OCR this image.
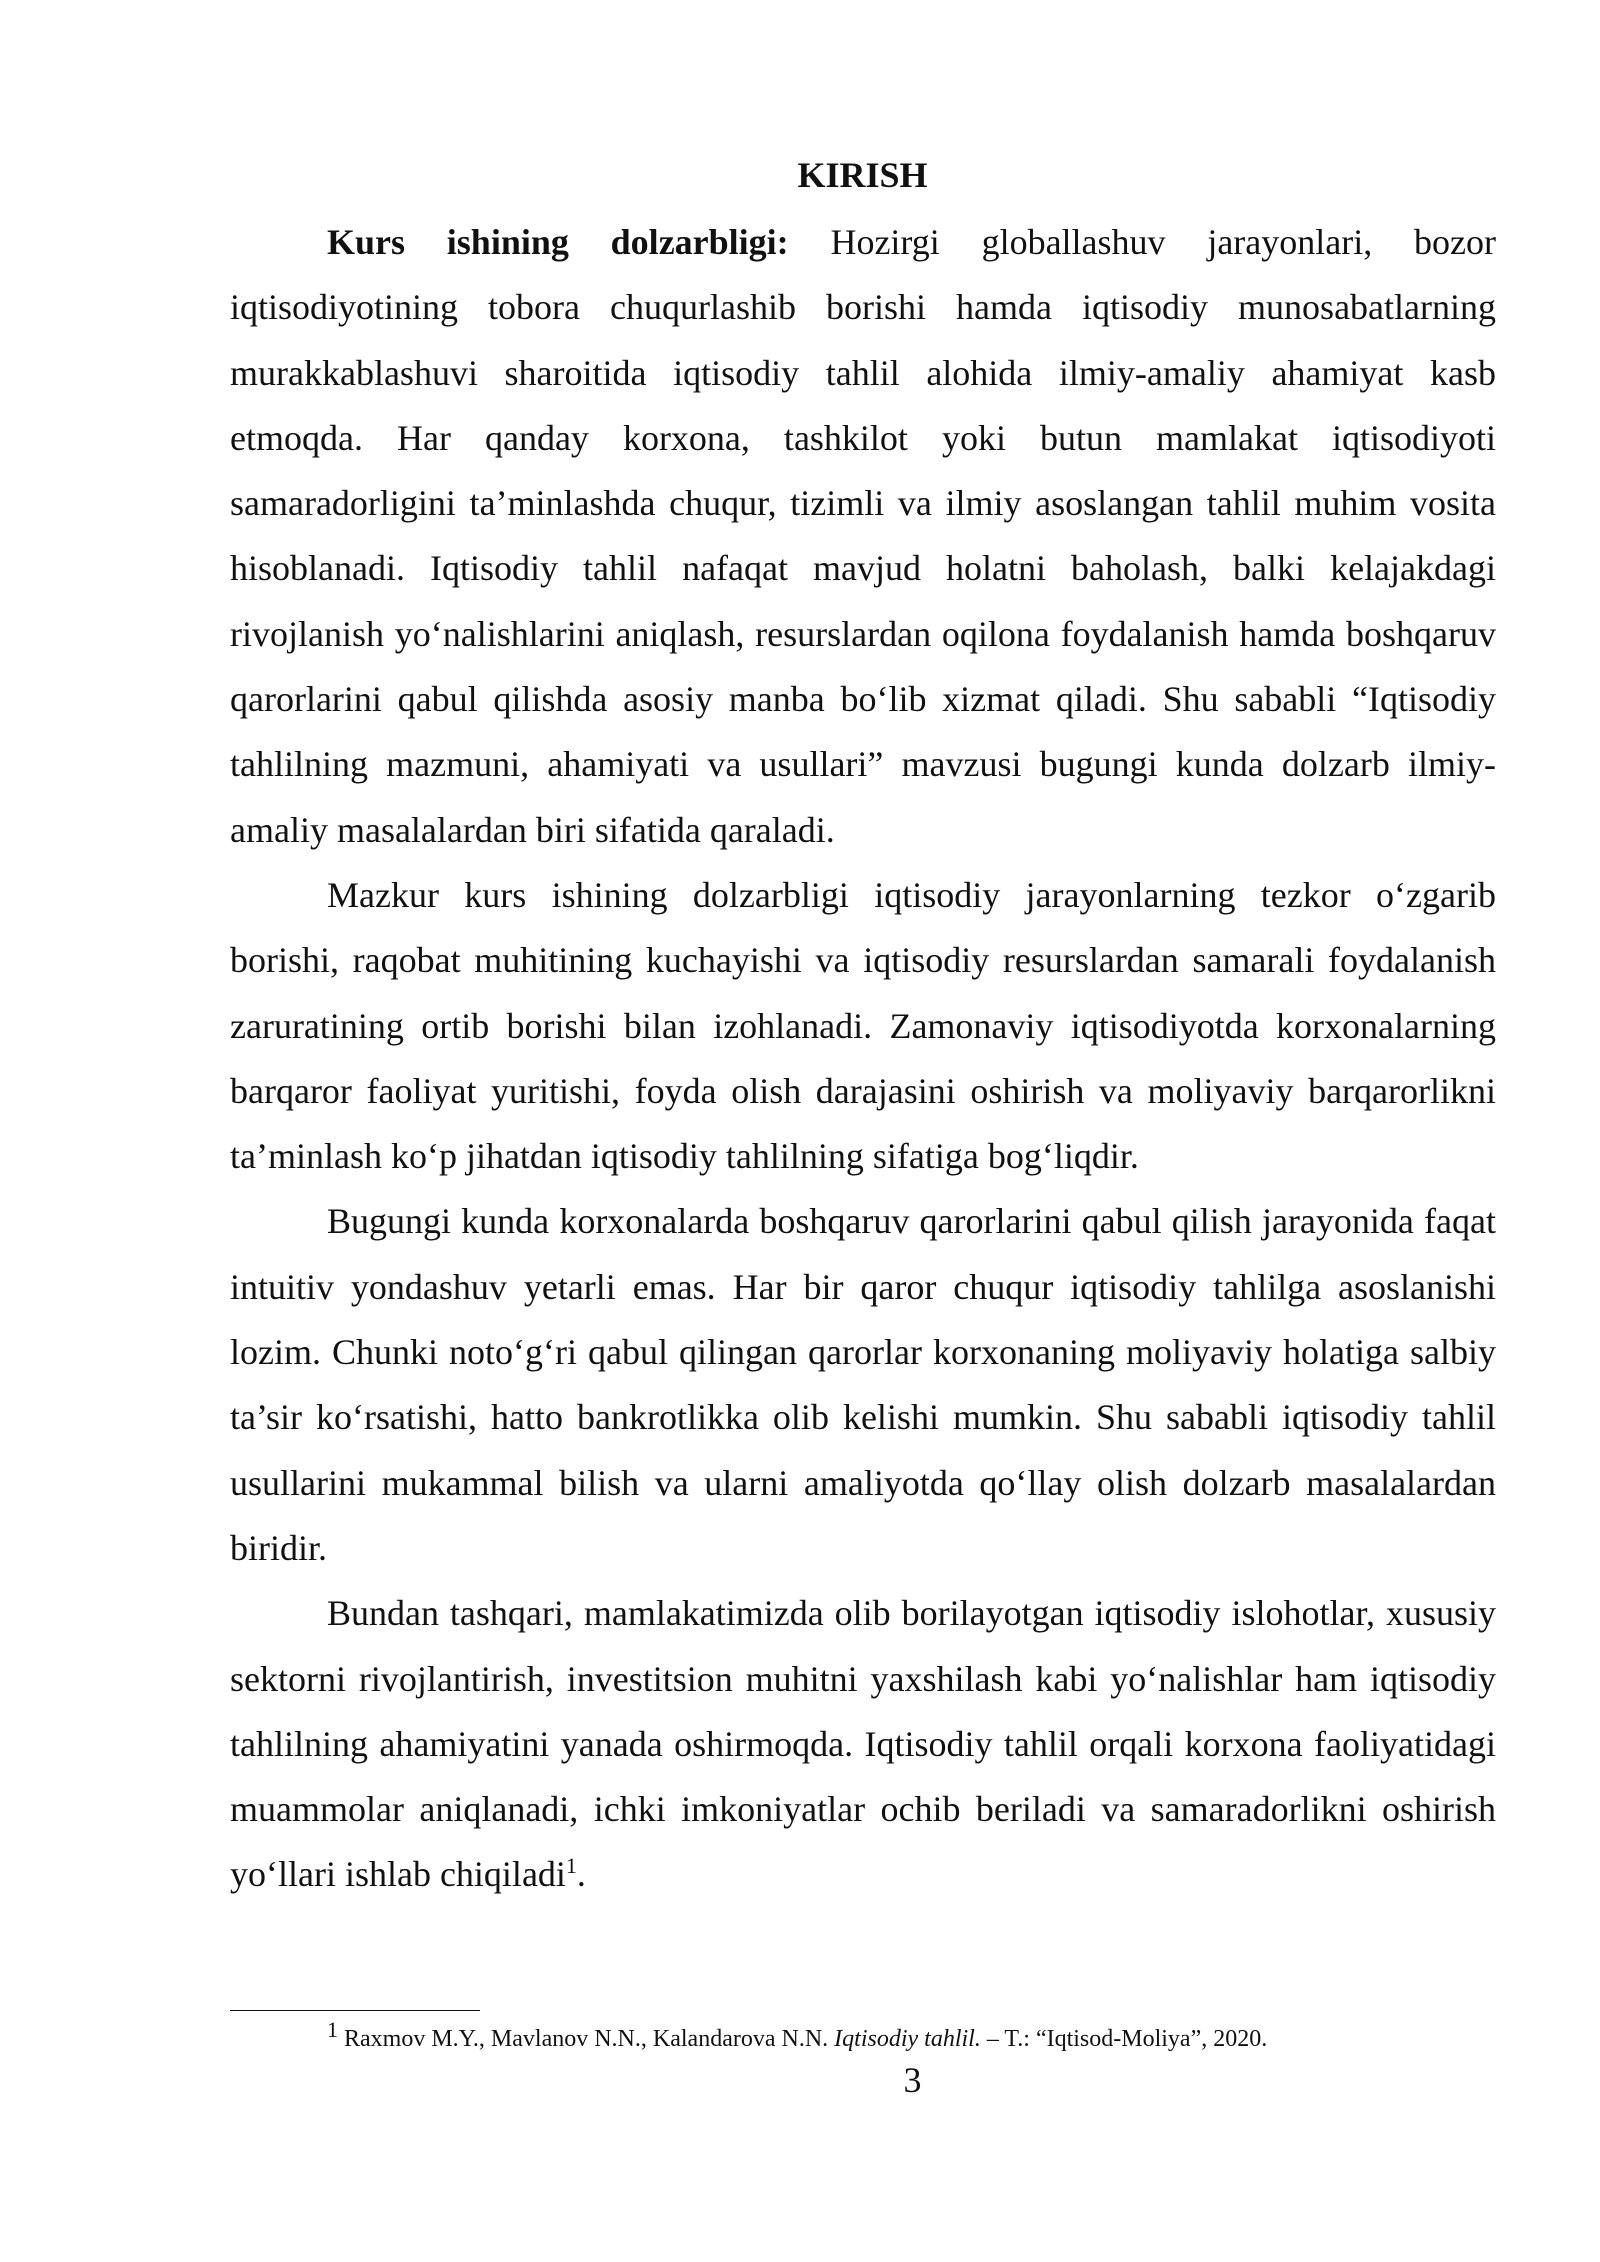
KIRISH

Kurs ishining dolzarbligi: Hozirgi globallashuv jarayonlari, bozor iqtisodiyotining tobora chuqurlashib borishi hamda iqtisodiy munosabatlarning murakkablashuvi sharoitida iqtisodiy tahlil alohida ilmiy-amaliy ahamiyat kasb etmoqda. Har qanday korxona, tashkilot yoki butun mamlakat iqtisodiyoti samaradorligini ta’minlashda chuqur, tizimli va ilmiy asoslangan tahlil muhim vosita hisoblanadi. Iqtisodiy tahlil nafaqat mavjud holatni baholash, balki kelajakdagi rivojlanish yo‘nalishlarini aniqlash, resurslardan oqilona foydalanish hamda boshqaruv qarorlarini qabul qilishda asosiy manba bo‘lib xizmat qiladi. Shu sababli “Iqtisodiy tahlilning mazmuni, ahamiyati va usullari” mavzusi bugungi kunda dolzarb ilmiy-amaliy masalalardan biri sifatida qaraladi.

Mazkur kurs ishining dolzarbligi iqtisodiy jarayonlarning tezkor o‘zgarib borishi, raqobat muhitining kuchayishi va iqtisodiy resurslardan samarali foydalanish zaruratining ortib borishi bilan izohlanadi. Zamonaviy iqtisodiyotda korxonalarning barqaror faoliyat yuritishi, foyda olish darajasini oshirish va moliyaviy barqarorlikni ta’minlash ko‘p jihatdan iqtisodiy tahlilning sifatiga bog‘liqdir.

Bugungi kunda korxonalarda boshqaruv qarorlarini qabul qilish jarayonida faqat intuitiv yondashuv yetarli emas. Har bir qaror chuqur iqtisodiy tahlilga asoslanishi lozim. Chunki noto‘g‘ri qabul qilingan qarorlar korxonaning moliyaviy holatiga salbiy ta’sir ko‘rsatishi, hatto bankrotlikka olib kelishi mumkin. Shu sababli iqtisodiy tahlil usullarini mukammal bilish va ularni amaliyotda qo‘llay olish dolzarb masalalardan biridir.

Bundan tashqari, mamlakatimizda olib borilayotgan iqtisodiy islohotlar, xususiy sektorni rivojlantirish, investitsion muhitni yaxshilash kabi yo‘nalishlar ham iqtisodiy tahlilning ahamiyatini yanada oshirmoqda. Iqtisodiy tahlil orqali korxona faoliyatidagi muammolar aniqlanadi, ichki imkoniyatlar ochib beriladi va samaradorlikni oshirish yo‘llari ishlab chiqiladi$^1$.

$^1$ Raxmov M.Y., Mavlanov N.N., Kalandarova N.N. Iqtisodiy tahlil. – T.: “Iqtisod-Moliya”, 2020.

3
